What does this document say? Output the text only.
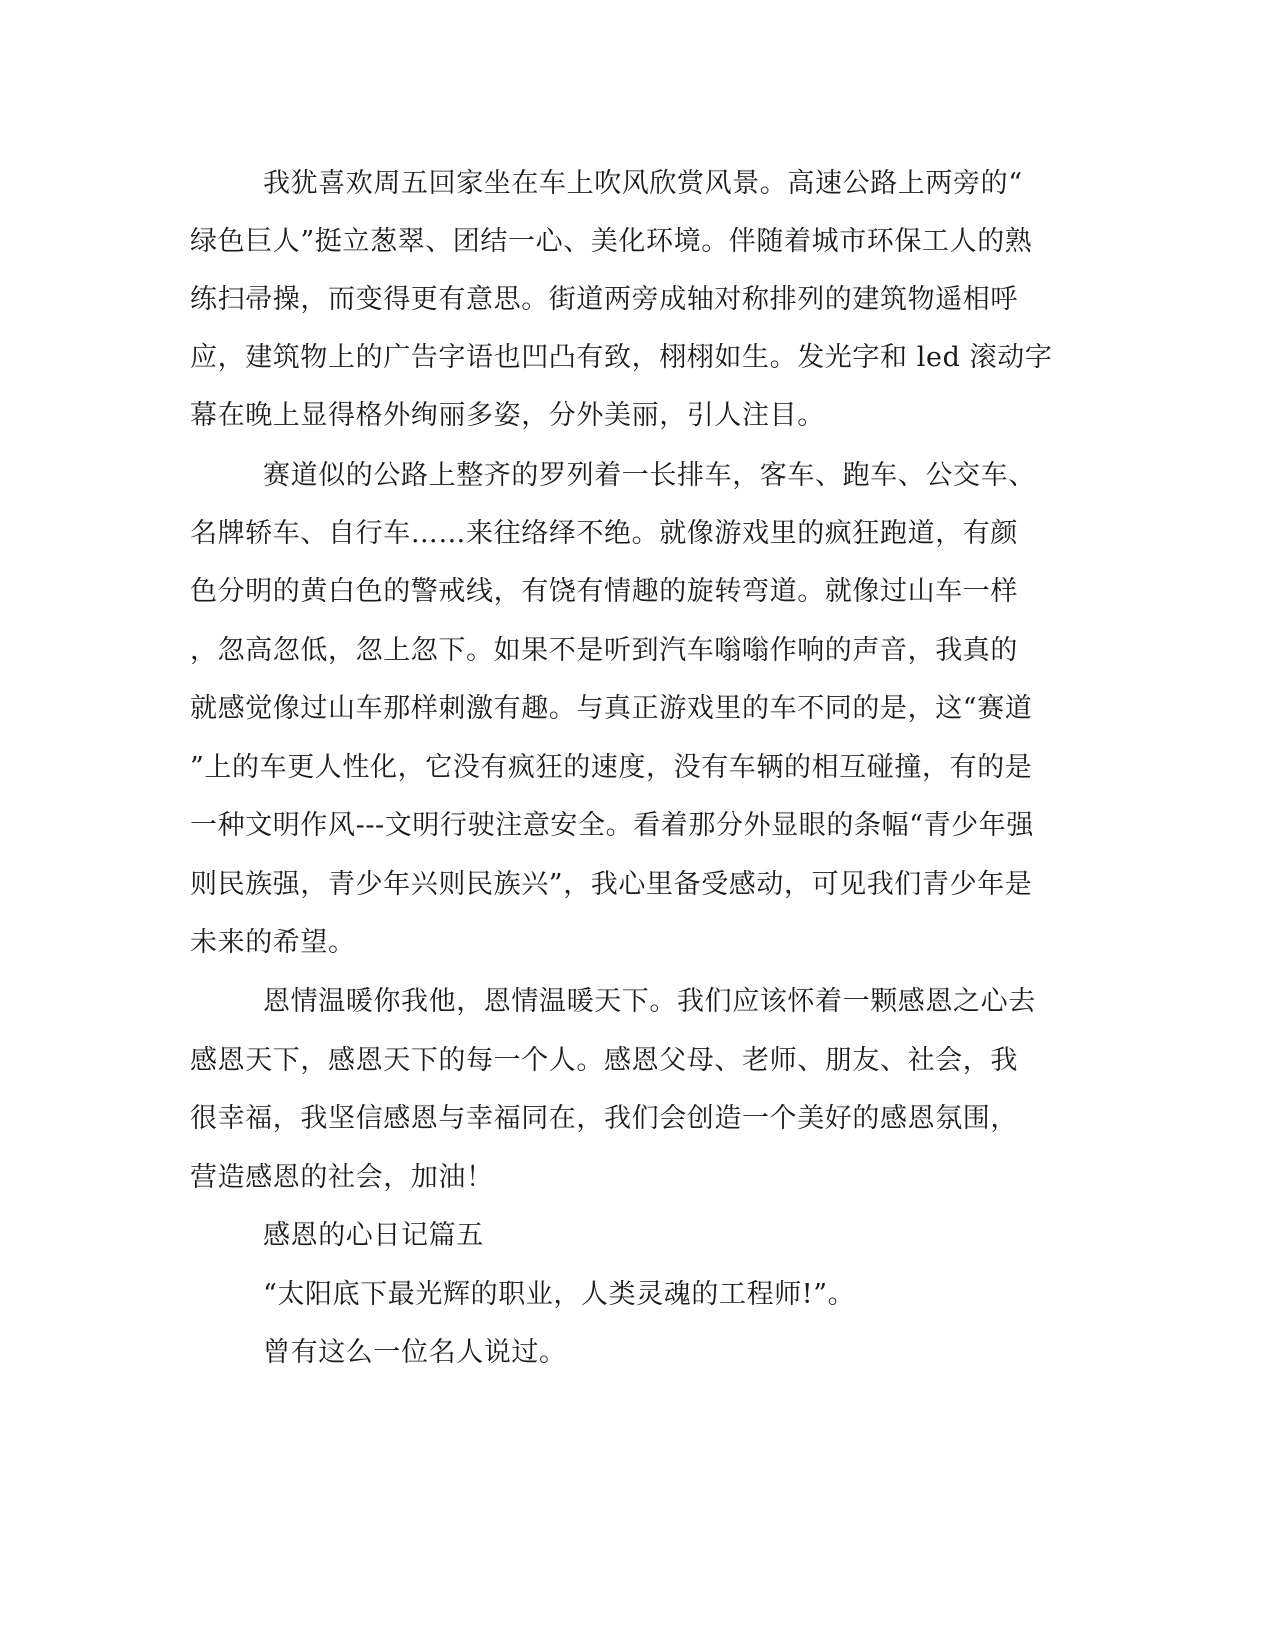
我犹喜欢周五回家坐在车上吹风欣赏风景。高速公路上两旁的“
绿色巨人”挺立葱翠、团结一心、美化环境。伴随着城市环保工人的熟
练扫帚操，而变得更有意思。街道两旁成轴对称排列的建筑物遥相呼
应，建筑物上的广告字语也凹凸有致，栩栩如生。发光字和 led 滚动字
幕在晚上显得格外绚丽多姿，分外美丽，引人注目。
赛道似的公路上整齐的罗列着一长排车，客车、跑车、公交车、
名牌轿车、自行车……来往络绎不绝。就像游戏里的疯狂跑道，有颜
色分明的黄白色的警戒线，有饶有情趣的旋转弯道。就像过山车一样
，忽高忽低，忽上忽下。如果不是听到汽车嗡嗡作响的声音，我真的
就感觉像过山车那样刺激有趣。与真正游戏里的车不同的是，这“赛道
”上的车更人性化，它没有疯狂的速度，没有车辆的相互碰撞，有的是
一种文明作风---文明行驶注意安全。看着那分外显眼的条幅“青少年强
则民族强，青少年兴则民族兴”，我心里备受感动，可见我们青少年是
未来的希望。
恩情温暖你我他，恩情温暖天下。我们应该怀着一颗感恩之心去
感恩天下，感恩天下的每一个人。感恩父母、老师、朋友、社会，我
很幸福，我坚信感恩与幸福同在，我们会创造一个美好的感恩氛围，
营造感恩的社会，加油！
感恩的心日记篇五
“太阳底下最光辉的职业，人类灵魂的工程师!”。
曾有这么一位名人说过。
